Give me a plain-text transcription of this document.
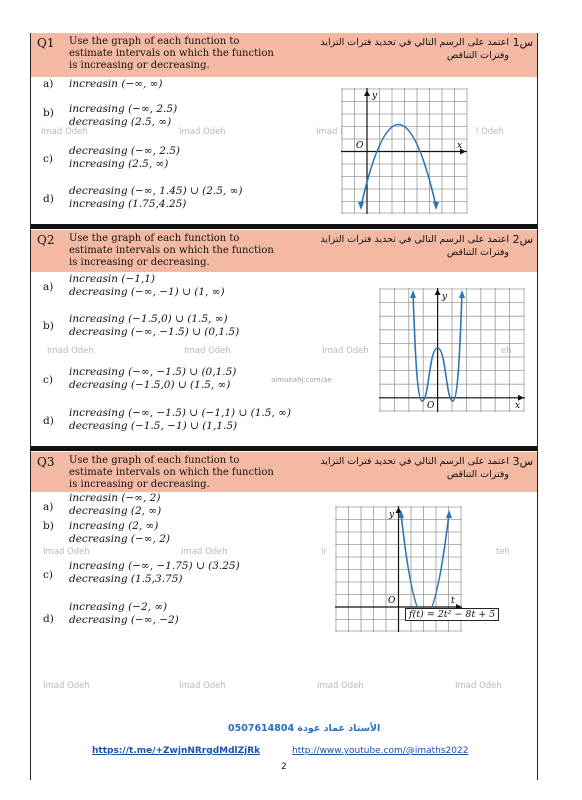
Q1 Use the graph of each function to estimate intervals on which the function is increasing or decreasing.
اعتمد على الرسم التالي في تحديد فترات التزايد وفترات التناقص
س1
a) increasin (−∞, ∞)
b) increasing (−∞, 2.5)
decreasing (2.5, ∞)
c)
decreasing (−∞, 2.5)
increasing (2.5, ∞)
d)
decreasing (−∞, 1.45) ∪ (2.5, ∞)
increasing (1.75,4.25)
Imad Odeh	Imad Odeh	Imad I	l Odeh
y
x
O
Q2 Use the graph of each function to estimate intervals on which the function is increasing or decreasing.
اعتمد على الرسم التالي في تحديد فترات التزايد وفترات التناقص
س2
a)
increasin (−1,1)
decreasing (−∞, −1) ∪ (1, ∞)
b)
increasing (−1.5,0) ∪ (1.5, ∞)
decreasing (−∞, −1.5) ∪ (0,1.5)
c)
increasing (−∞, −1.5) ∪ (0,1.5)
decreasing (−1.5,0) ∪ (1.5, ∞)
d)
increasing (−∞, −1.5) ∪ (−1,1) ∪ (1.5, ∞)
decreasing (−1.5, −1) ∪ (1,1.5)
Imad Odeh	Imad Odeh	Imad Odeh	eh
almanahj.com/ae
y
x
O
Q3 Use the graph of each function to estimate intervals on which the function is increasing or decreasing.
اعتمد على الرسم التالي في تحديد فترات التزايد وفترات التناقص
س3
a)
increasin (−∞, 2)
decreasing (2, ∞)
b) increasing (2, ∞)
decreasing (−∞, 2)
c)
increasing (−∞, −1.75) ∪ (3.25)
decreasing (1.5,3.75)
d)
increasing (−2, ∞)
decreasing (−∞, −2)
Imad Odeh	Imad Odeh	Ir	teh
y
t
O
f(t) = 2t² − 8t + 5
Imad Odeh	Imad Odeh	Imad Odeh	Imad Odeh
الأستاذ عماد عودة 0507614804
https://t.me/+ZwjnNRrgdMdlZjRk	http://www.youtube.com/@imaths2022
2
